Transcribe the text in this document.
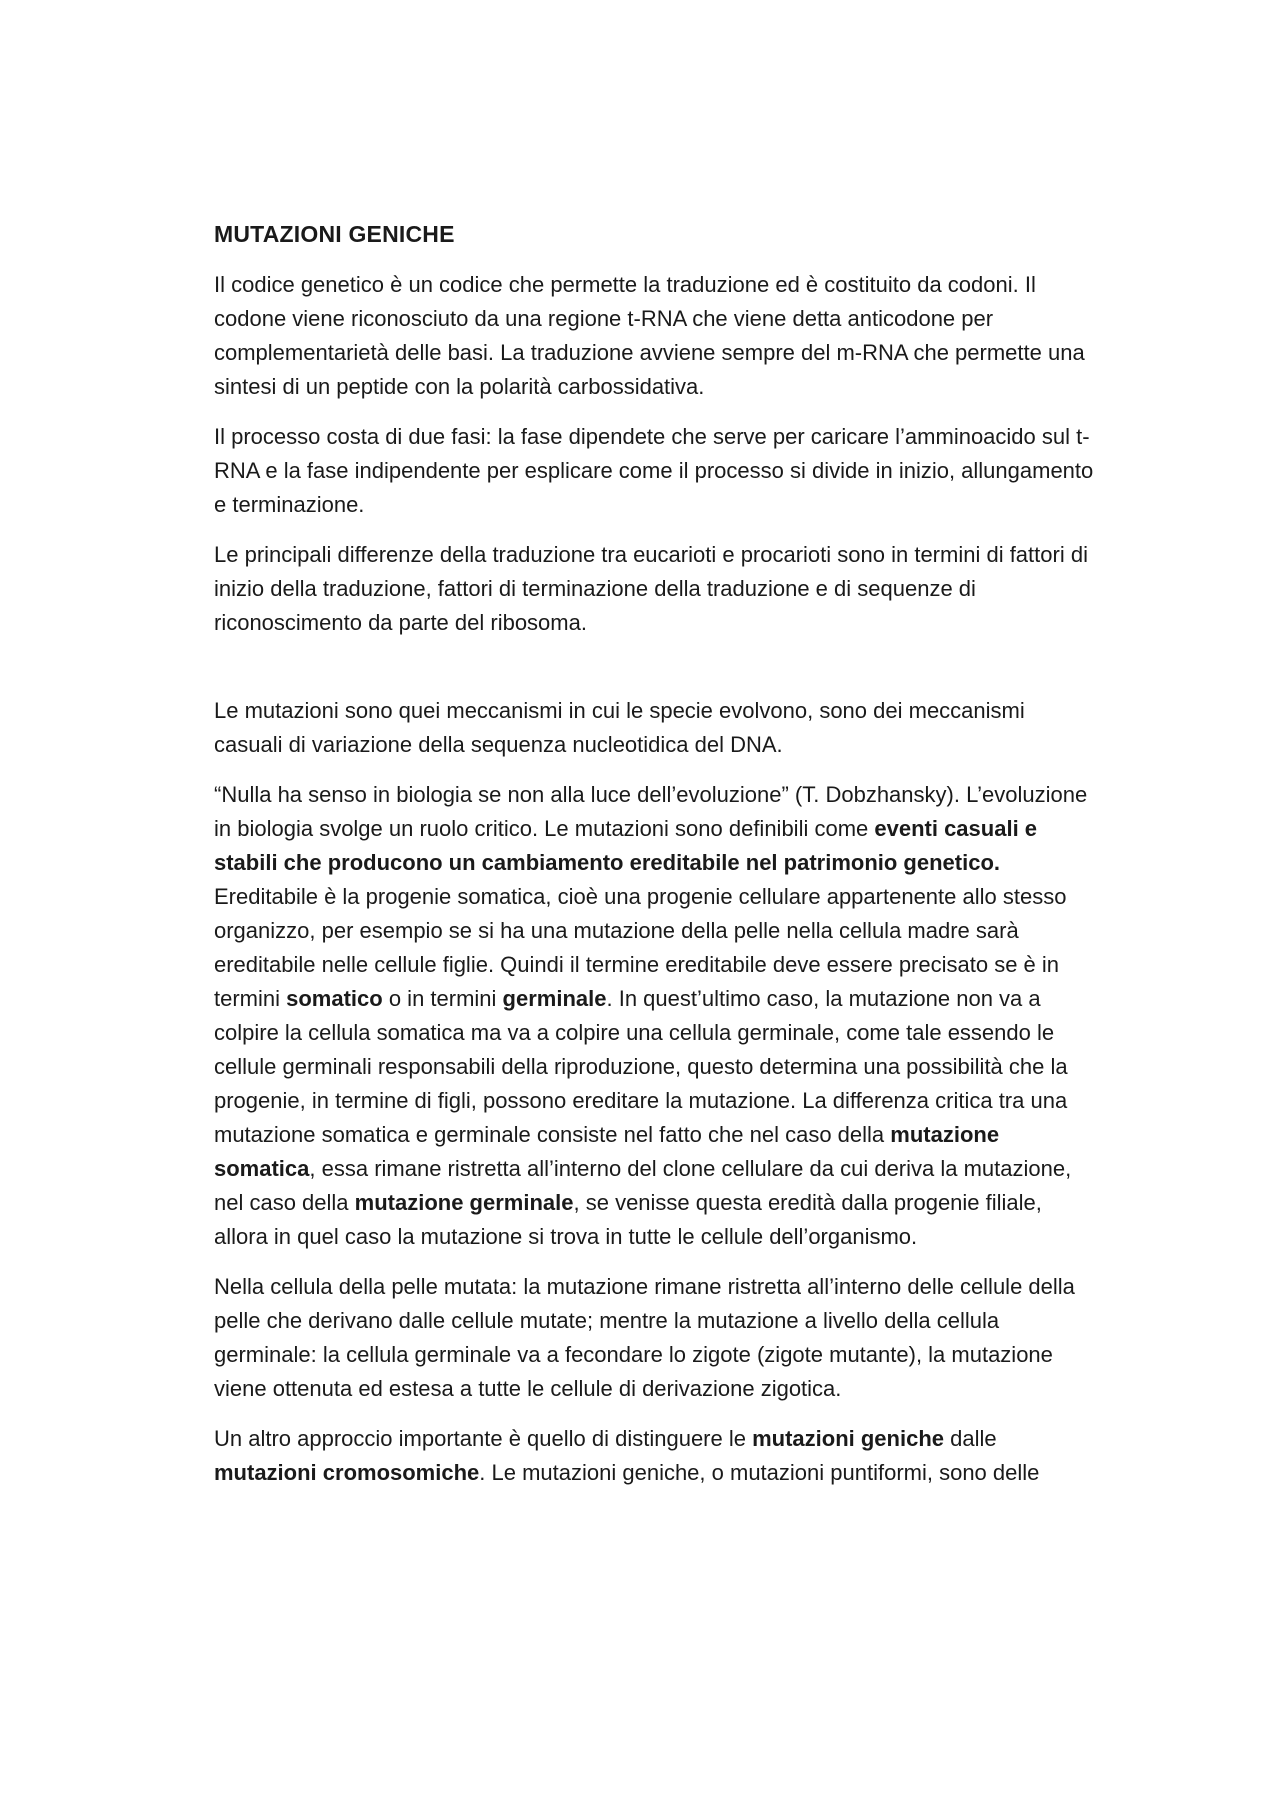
MUTAZIONI GENICHE

Il codice genetico è un codice che permette la traduzione ed è costituito da codoni. Il codone viene riconosciuto da una regione t-RNA che viene detta anticodone per complementarietà delle basi. La traduzione avviene sempre del m-RNA che permette una sintesi di un peptide con la polarità carbossidativa.

Il processo costa di due fasi: la fase dipendete che serve per caricare l’amminoacido sul t-RNA e la fase indipendente per esplicare come il processo si divide in inizio, allungamento e terminazione.

Le principali differenze della traduzione tra eucarioti e procarioti sono in termini di fattori di inizio della traduzione, fattori di terminazione della traduzione e di sequenze di riconoscimento da parte del ribosoma.

Le mutazioni sono quei meccanismi in cui le specie evolvono, sono dei meccanismi casuali di variazione della sequenza nucleotidica del DNA.

“Nulla ha senso in biologia se non alla luce dell’evoluzione” (T. Dobzhansky). L’evoluzione in biologia svolge un ruolo critico. Le mutazioni sono definibili come eventi casuali e stabili che producono un cambiamento ereditabile nel patrimonio genetico. Ereditabile è la progenie somatica, cioè una progenie cellulare appartenente allo stesso organizzo, per esempio se si ha una mutazione della pelle nella cellula madre sarà ereditabile nelle cellule figlie. Quindi il termine ereditabile deve essere precisato se è in termini somatico o in termini germinale. In quest’ultimo caso, la mutazione non va a colpire la cellula somatica ma va a colpire una cellula germinale, come tale essendo le cellule germinali responsabili della riproduzione, questo determina una possibilità che la progenie, in termine di figli, possono ereditare la mutazione. La differenza critica tra una mutazione somatica e germinale consiste nel fatto che nel caso della mutazione somatica, essa rimane ristretta all’interno del clone cellulare da cui deriva la mutazione, nel caso della mutazione germinale, se venisse questa eredità dalla progenie filiale, allora in quel caso la mutazione si trova in tutte le cellule dell’organismo.

Nella cellula della pelle mutata: la mutazione rimane ristretta all’interno delle cellule della pelle che derivano dalle cellule mutate; mentre la mutazione a livello della cellula germinale: la cellula germinale va a fecondare lo zigote (zigote mutante), la mutazione viene ottenuta ed estesa a tutte le cellule di derivazione zigotica.

Un altro approccio importante è quello di distinguere le mutazioni geniche dalle mutazioni cromosomiche. Le mutazioni geniche, o mutazioni puntiformi, sono delle
